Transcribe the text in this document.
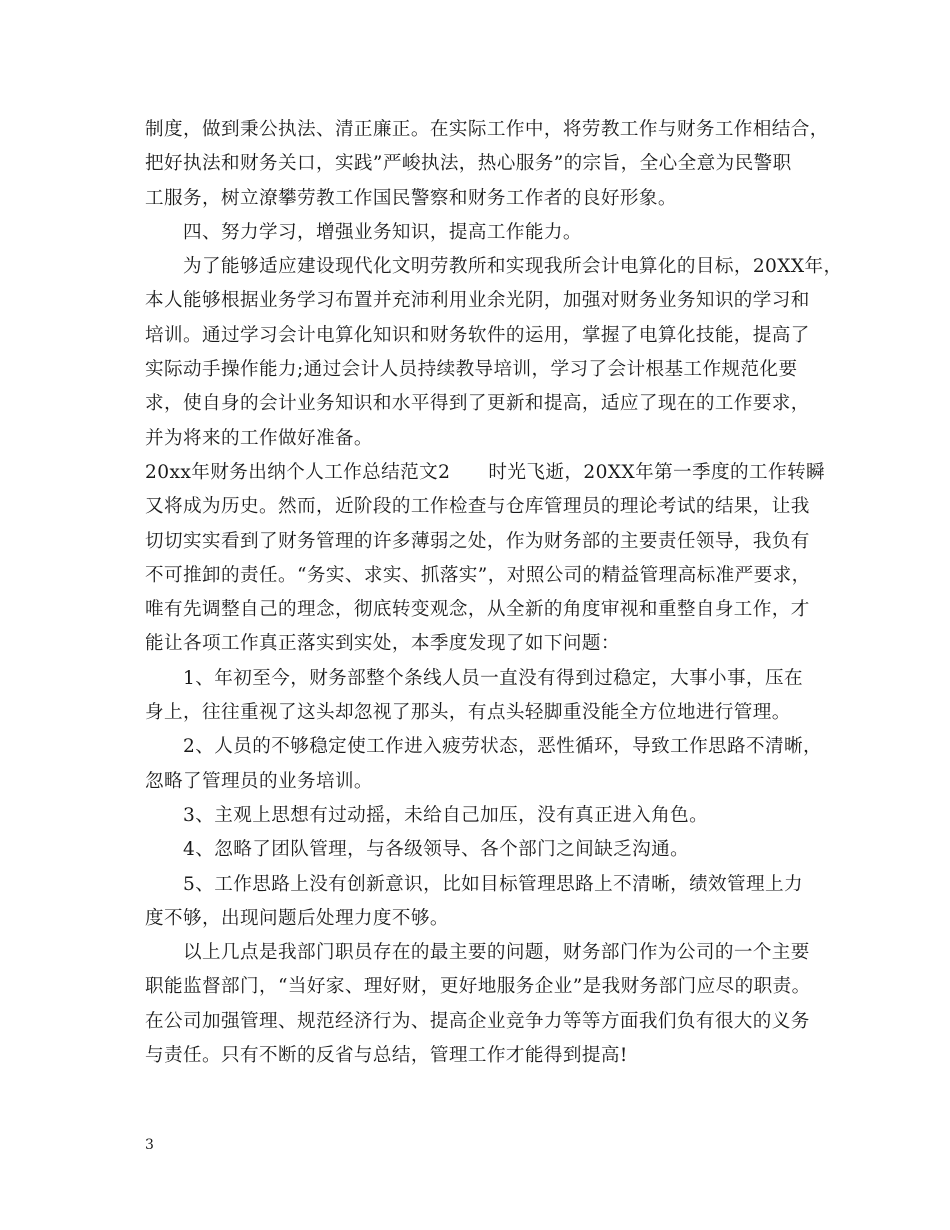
制度，做到秉公执法、清正廉正。在实际工作中，将劳教工作与财务工作相结合，
把好执法和财务关口，实践”严峻执法，热心服务”的宗旨，全心全意为民警职
工服务，树立潦攀劳教工作国民警察和财务工作者的良好形象。
四、努力学习，增强业务知识，提高工作能力。
为了能够适应建设现代化文明劳教所和实现我所会计电算化的目标，20XX年，
本人能够根据业务学习布置并充沛利用业余光阴，加强对财务业务知识的学习和
培训。通过学习会计电算化知识和财务软件的运用，掌握了电算化技能，提高了
实际动手操作能力;通过会计人员持续教导培训，学习了会计根基工作规范化要
求，使自身的会计业务知识和水平得到了更新和提高，适应了现在的工作要求，
并为将来的工作做好准备。
20xx年财务出纳个人工作总结范文2　　时光飞逝，20XX年第一季度的工作转瞬
又将成为历史。然而，近阶段的工作检查与仓库管理员的理论考试的结果，让我
切切实实看到了财务管理的许多薄弱之处，作为财务部的主要责任领导，我负有
不可推卸的责任。“务实、求实、抓落实”，对照公司的精益管理高标准严要求，
唯有先调整自己的理念，彻底转变观念，从全新的角度审视和重整自身工作，才
能让各项工作真正落实到实处，本季度发现了如下问题：
1、年初至今，财务部整个条线人员一直没有得到过稳定，大事小事，压在
身上，往往重视了这头却忽视了那头，有点头轻脚重没能全方位地进行管理。
2、人员的不够稳定使工作进入疲劳状态，恶性循环，导致工作思路不清晰，
忽略了管理员的业务培训。
3、主观上思想有过动摇，未给自己加压，没有真正进入角色。
4、忽略了团队管理，与各级领导、各个部门之间缺乏沟通。
5、工作思路上没有创新意识，比如目标管理思路上不清晰，绩效管理上力
度不够，出现问题后处理力度不够。
以上几点是我部门职员存在的最主要的问题，财务部门作为公司的一个主要
职能监督部门，“当好家、理好财，更好地服务企业”是我财务部门应尽的职责。
在公司加强管理、规范经济行为、提高企业竞争力等等方面我们负有很大的义务
与责任。只有不断的反省与总结，管理工作才能得到提高!
3
